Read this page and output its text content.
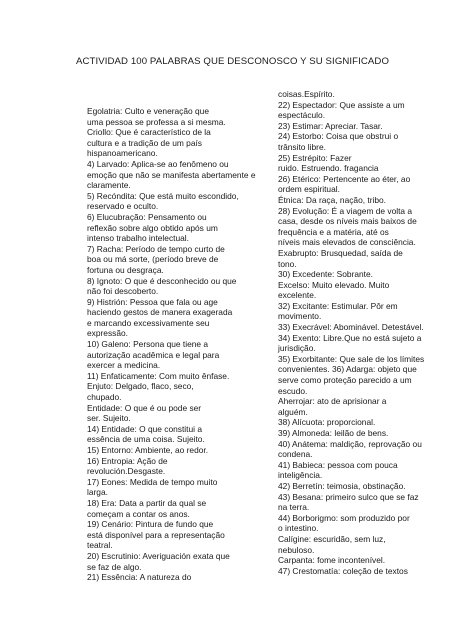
ACTIVIDAD 100 PALABRAS QUE DESCONOSCO Y SU SIGNIFICADO
Egolatria: Culto e veneração que
uma pessoa se professa a si mesma.
Criollo: Que é característico de la
cultura e a tradição de um país
hispanoamericano.
4) Larvado: Aplica-se ao fenômeno ou
emoção que não se manifesta abertamente e
claramente.
5) Recóndita: Que está muito escondido,
reservado e oculto.
6) Elucubração: Pensamento ou
reflexão sobre algo obtido após um
intenso trabalho intelectual.
7) Racha: Período de tempo curto de
boa ou má sorte, (período breve de
fortuna ou desgraça.
8) Ignoto: O que é desconhecido ou que
não foi descoberto.
9) Histrión: Pessoa que fala ou age
haciendo gestos de manera exagerada
e marcando excessivamente seu
expressão.
10) Galeno: Persona que tiene a
autorização acadêmica e legal para
exercer a medicina.
11) Enfaticamente: Com muito ênfase.
Enjuto: Delgado, flaco, seco,
chupado.
Entidade: O que é ou pode ser
ser. Sujeito.
14) Entidade: O que constitui a
essência de uma coisa. Sujeito.
15) Entorno: Ambiente, ao redor.
16) Entropia: Ação de
revolución.Desgaste.
17) Eones: Medida de tempo muito
larga.
18) Era: Data a partir da qual se
começam a contar os anos.
19) Cenário: Pintura de fundo que
está disponível para a representação
teatral.
20) Escrutinio: Averiguación exata que
se faz de algo.
21) Essência: A natureza do
coisas.Espírito.
22) Espectador: Que assiste a um
espectáculo.
23) Estimar: Apreciar. Tasar.
24) Estorbo: Coisa que obstrui o
trânsito libre.
25) Estrépito: Fazer
ruido. Estruendo. fragancia
26) Etérico: Pertencente ao éter, ao
ordem espiritual.
Étnica: Da raça, nação, tribo.
28) Evolução: É a viagem de volta a
casa, desde os níveis mais baixos de
frequência e a matéria, até os
níveis mais elevados de consciência.
Exabrupto: Brusquedad, saída de
tono.
30) Excedente: Sobrante.
Excelso: Muito elevado. Muito
excelente.
32) Excitante: Estimular. Pôr em
movimento.
33) Execrável: Abominável. Detestável.
34) Exento: Libre.Que no está sujeto a
jurisdição.
35) Exorbitante: Que sale de los límites
convenientes. 36) Adarga: objeto que
serve como proteção parecido a um
escudo.
Aherrojar: ato de aprisionar a
alguém.
38) Alícuota: proporcional.
39) Almoneda: leilão de bens.
40) Anátema: maldição, reprovação ou
condena.
41) Babieca: pessoa com pouca
inteligência.
42) Berretín: teimosia, obstinação.
43) Besana: primeiro sulco que se faz
na terra.
44) Borborigmo: som produzido por
o intestino.
Calígine: escuridão, sem luz,
nebuloso.
Carpanta: fome incontenível.
47) Crestomatía: coleção de textos
